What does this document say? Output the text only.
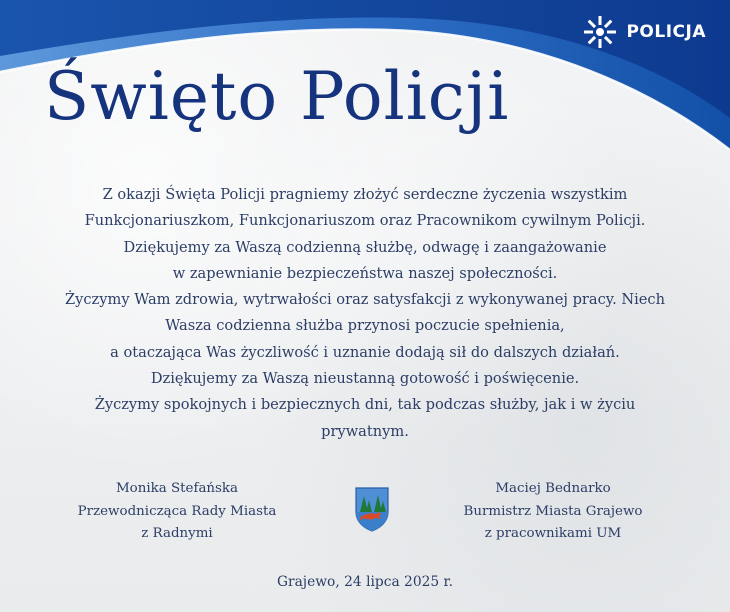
POLICJA
Święto Policji
Z okazji Święta Policji pragniemy złożyć serdeczne życzenia wszystkim
Funkcjonariuszkom, Funkcjonariuszom oraz Pracownikom cywilnym Policji.
Dziękujemy za Waszą codzienną służbę, odwagę i zaangażowanie
w zapewnianie bezpieczeństwa naszej społeczności.
Życzymy Wam zdrowia, wytrwałości oraz satysfakcji z wykonywanej pracy. Niech
Wasza codzienna służba przynosi poczucie spełnienia,
a otaczająca Was życzliwość i uznanie dodają sił do dalszych działań.
Dziękujemy za Waszą nieustanną gotowość i poświęcenie.
Życzymy spokojnych i bezpiecznych dni, tak podczas służby, jak i w życiu
prywatnym.
Monika Stefańska
Przewodnicząca Rady Miasta
z Radnymi
Maciej Bednarko
Burmistrz Miasta Grajewo
z pracownikami UM
Grajewo, 24 lipca 2025 r.
